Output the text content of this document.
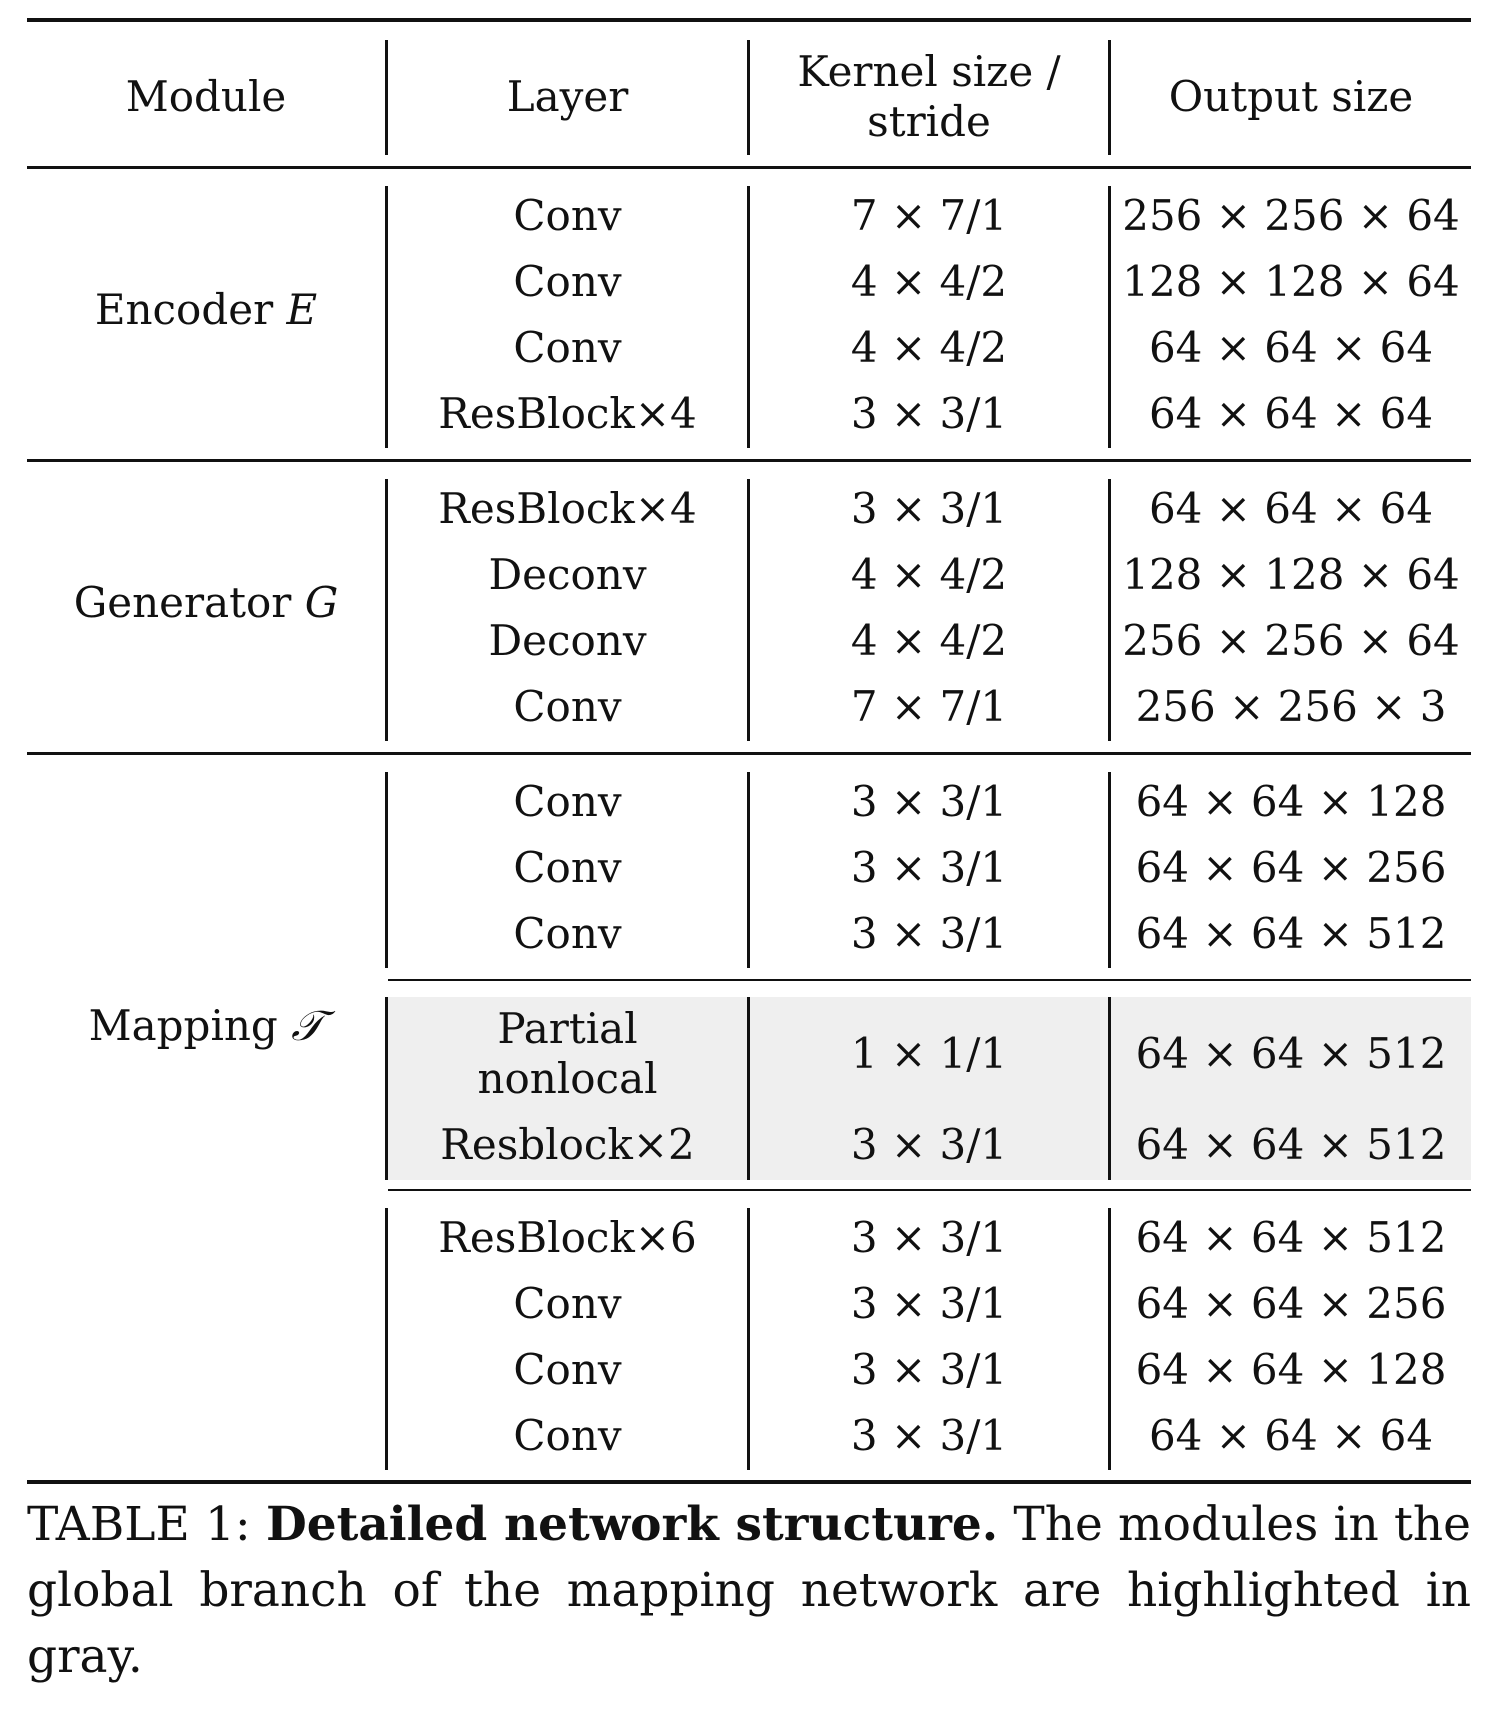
Module	Layer
Kernel size /
stride
Output size
Encoder
E
Generator
G
Mapping
𝒯
Conv
Conv
Conv
ResBlock×4
ResBlock×4
Deconv
Deconv
Conv
Conv
Conv
Conv
Partial
nonlocal
Resblock×2
ResBlock×6
Conv
Conv
Conv
7 × 7/1
4 × 4/2
4 × 4/2
3 × 3/1
3 × 3/1
4 × 4/2
4 × 4/2
7 × 7/1
3 × 3/1
3 × 3/1
3 × 3/1
1 × 1/1
3 × 3/1
3 × 3/1
3 × 3/1
3 × 3/1
3 × 3/1
256 × 256 × 64
128 × 128 × 64
64 × 64 × 64
64 × 64 × 64
64 × 64 × 64
128 × 128 × 64
256 × 256 × 64
256 × 256 × 3
64 × 64 × 128
64 × 64 × 256
64 × 64 × 512
64 × 64 × 512
64 × 64 × 512
64 × 64 × 512
64 × 64 × 256
64 × 64 × 128
64 × 64 × 64
TABLE 1: Detailed network structure. The modules in the global branch of the mapping network are highlighted in gray.
